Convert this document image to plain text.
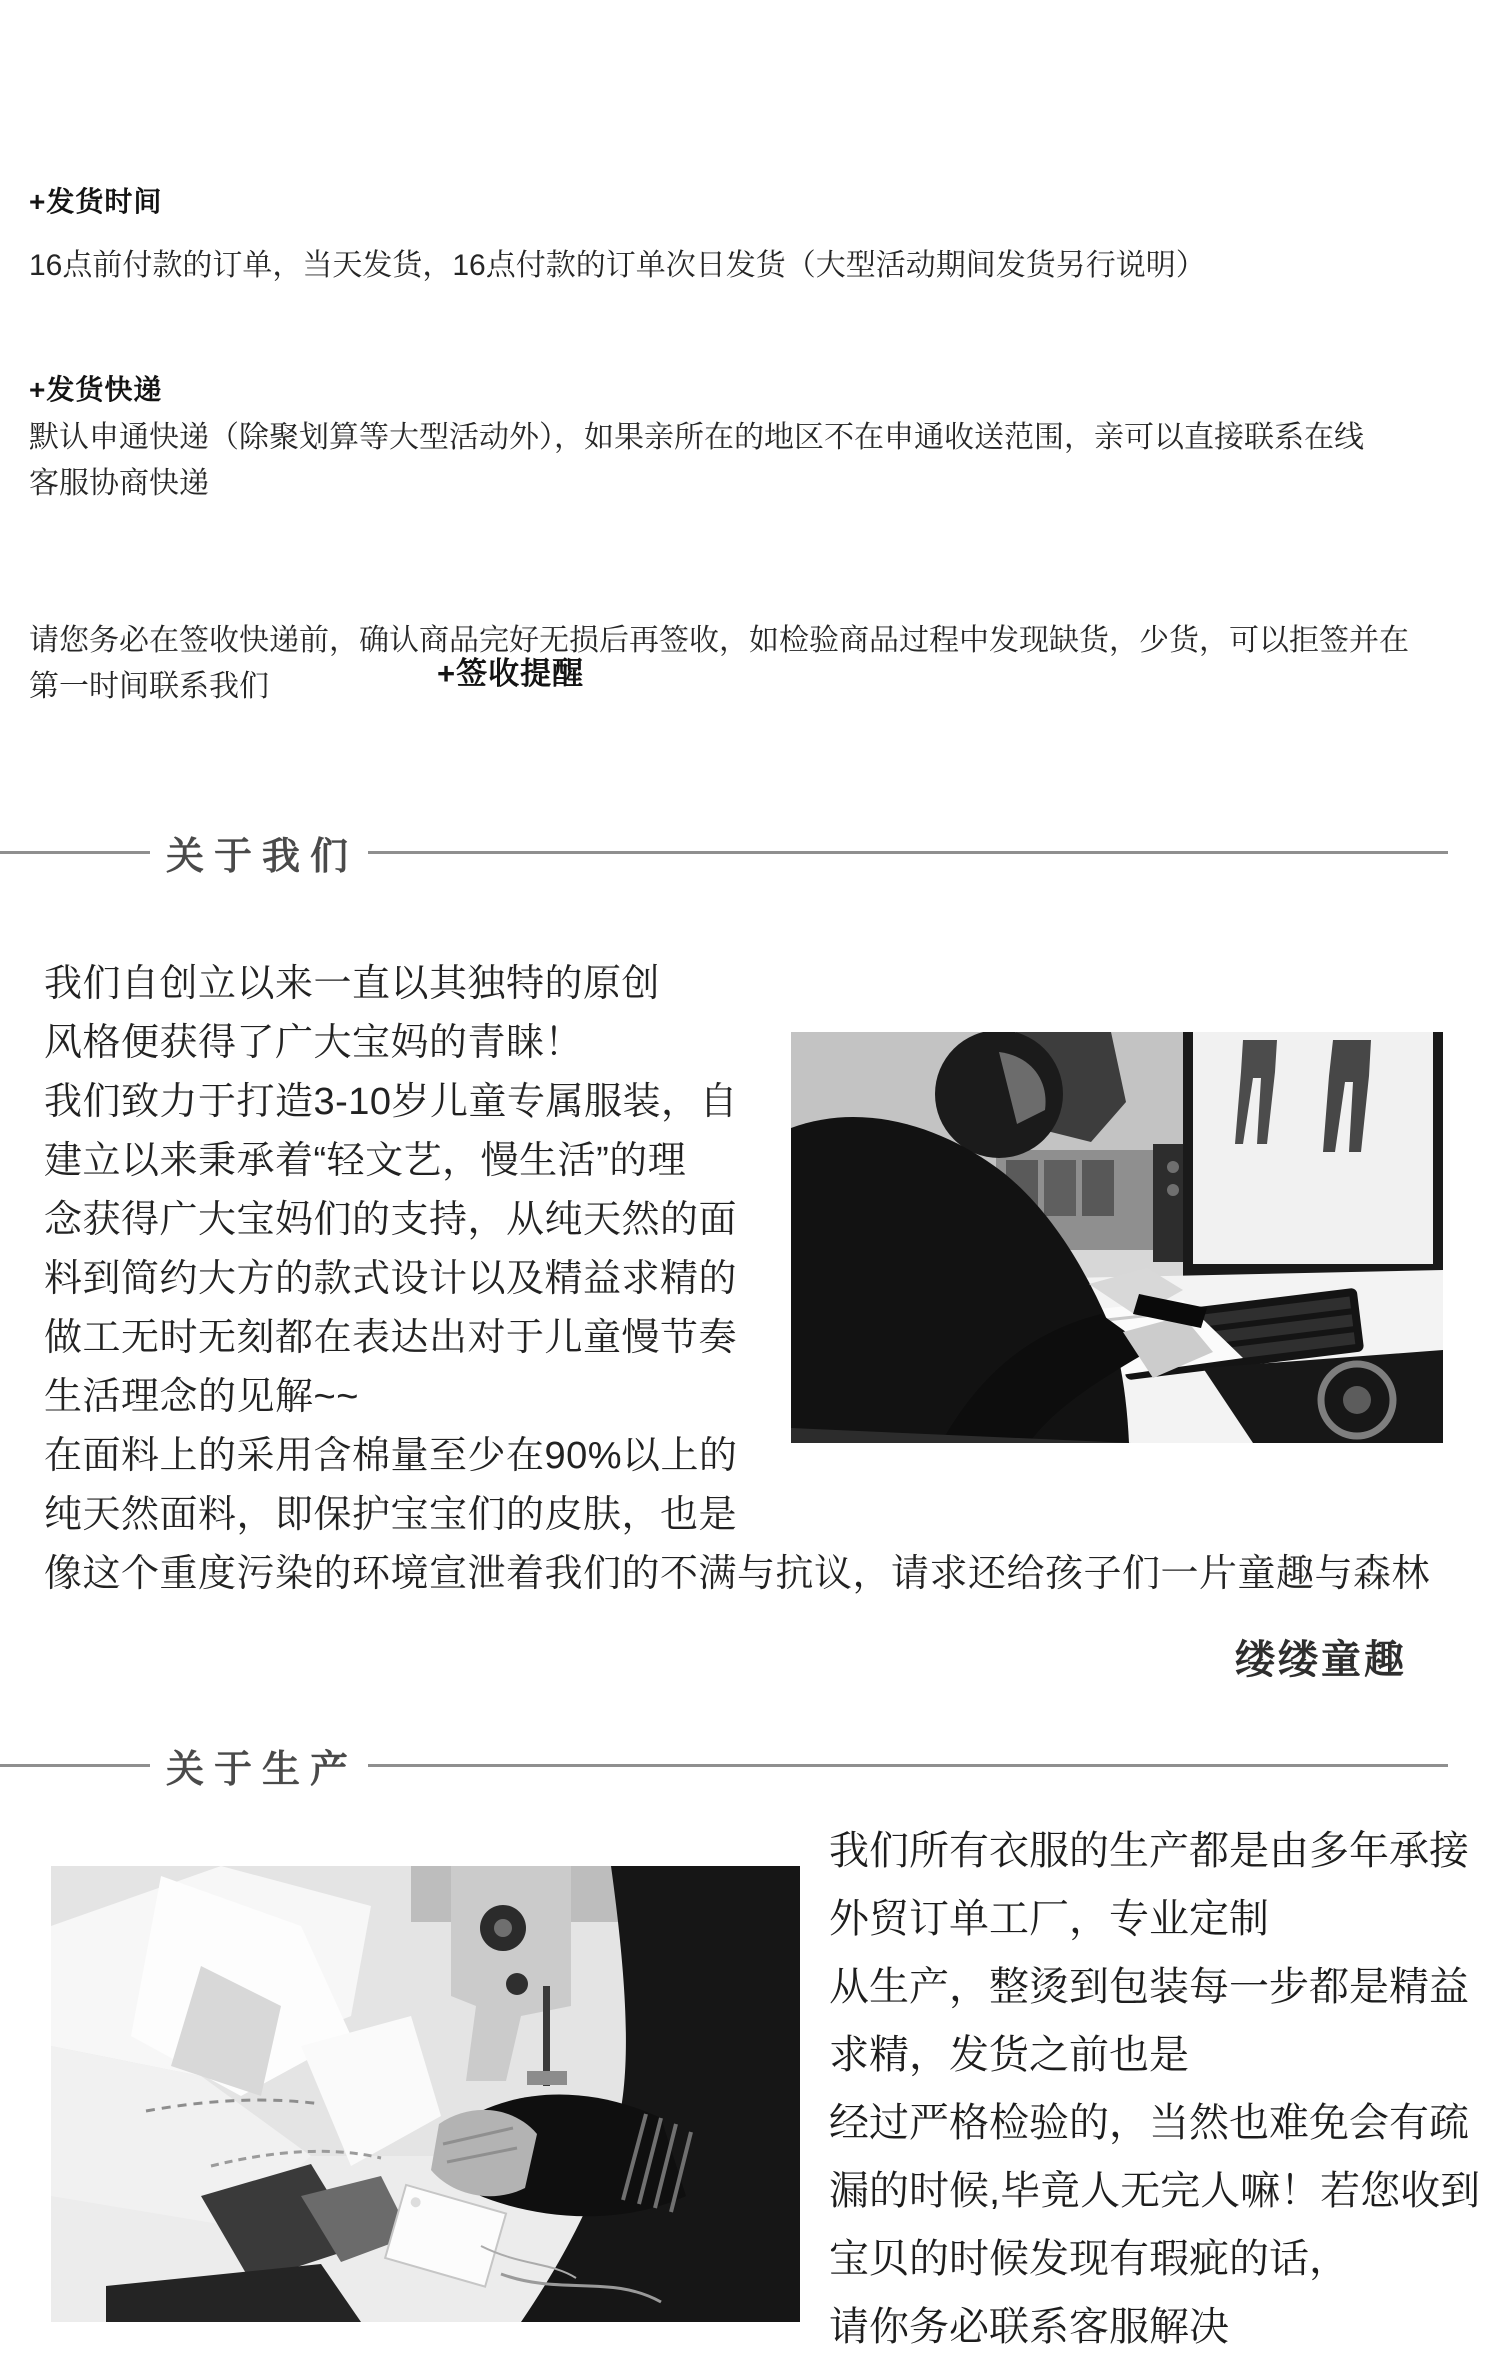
+发货时间
16点前付款的订单，当天发货，16点付款的订单次日发货（大型活动期间发货另行说明）
+发货快递
默认申通快递（除聚划算等大型活动外），如果亲所在的地区不在申通收送范围，亲可以直接联系在线
客服协商快递
请您务必在签收快递前，确认商品完好无损后再签收，如检验商品过程中发现缺货，少货，可以拒签并在
第一时间联系我们	+签收提醒
关于我们
我们自创立以来一直以其独特的原创
风格便获得了广大宝妈的青睐！
我们致力于打造3-10岁儿童专属服装，自
建立以来秉承着“轻文艺，慢生活”的理
念获得广大宝妈们的支持，从纯天然的面
料到简约大方的款式设计以及精益求精的
做工无时无刻都在表达出对于儿童慢节奏
生活理念的见解~~
在面料上的采用含棉量至少在90%以上的
纯天然面料，即保护宝宝们的皮肤，也是
像这个重度污染的环境宣泄着我们的不满与抗议，请求还给孩子们一片童趣与森林
缕缕童趣
关于生产
我们所有衣服的生产都是由多年承接
外贸订单工厂，专业定制
从生产，整烫到包装每一步都是精益
求精，发货之前也是
经过严格检验的，当然也难免会有疏
漏的时候,毕竟人无完人嘛！若您收到
宝贝的时候发现有瑕疵的话，
请你务必联系客服解决
